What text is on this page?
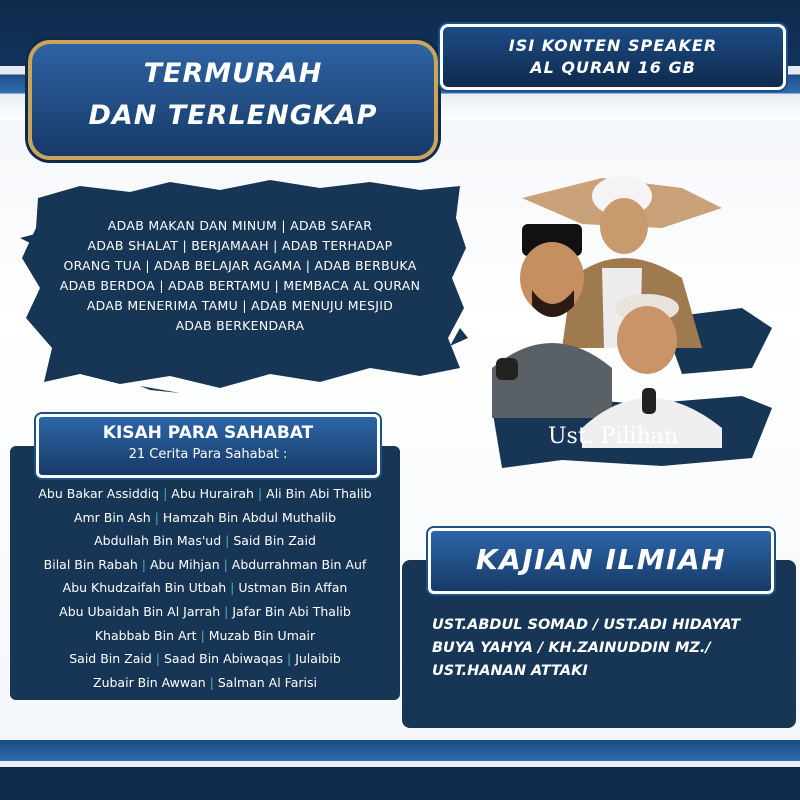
TERMURAH
DAN TERLENGKAP
ISI KONTEN SPEAKER
AL QURAN 16 GB
ADAB MAKAN DAN MINUM | ADAB SAFAR
ADAB SHALAT | BERJAMAAH | ADAB TERHADAP
ORANG TUA | ADAB BELAJAR AGAMA | ADAB BERBUKA
ADAB BERDOA | ADAB BERTAMU | MEMBACA AL QURAN
ADAB MENERIMA TAMU | ADAB MENUJU MESJID
ADAB BERKENDARA
Ust. Pilihan
KISAH PARA SAHABAT
21 Cerita Para Sahabat :
Abu Bakar Assiddiq | Abu Hurairah | Ali Bin Abi Thalib
Amr Bin Ash | Hamzah Bin Abdul Muthalib
Abdullah Bin Mas'ud | Said Bin Zaid
Bilal Bin Rabah | Abu Mihjan | Abdurrahman Bin Auf
Abu Khudzaifah Bin Utbah | Ustman Bin Affan
Abu Ubaidah Bin Al Jarrah | Jafar Bin Abi Thalib
Khabbab Bin Art | Muzab Bin Umair
Said Bin Zaid | Saad Bin Abiwaqas | Julaibib
Zubair Bin Awwan | Salman Al Farisi
KAJIAN ILMIAH
UST.ABDUL SOMAD / UST.ADI HIDAYAT
BUYA YAHYA / KH.ZAINUDDIN MZ./
UST.HANAN ATTAKI
